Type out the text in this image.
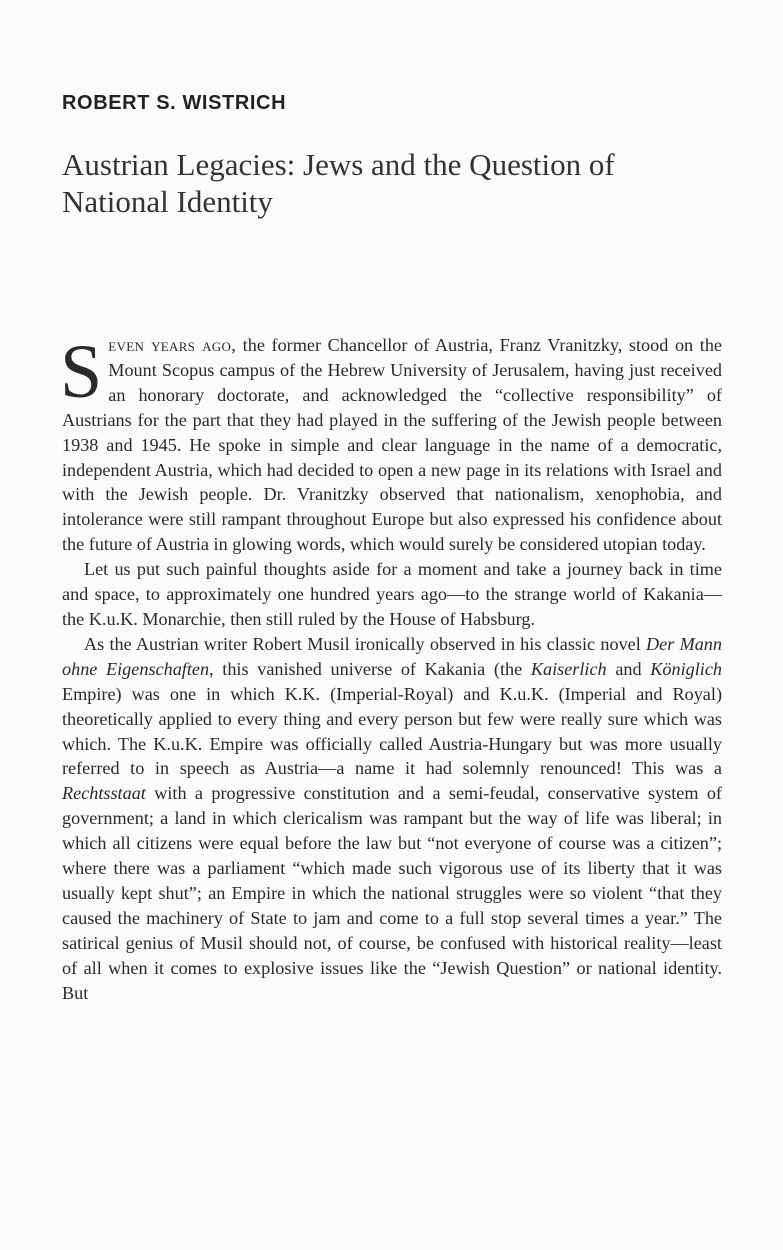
ROBERT S. WISTRICH
Austrian Legacies: Jews and the Question of National Identity

Seven years ago, the former Chancellor of Austria, Franz Vranitzky, stood on the Mount Scopus campus of the Hebrew University of Jerusalem, having just received an honorary doctorate, and acknowledged the “collective responsibility” of Austrians for the part that they had played in the suffering of the Jewish people between 1938 and 1945. He spoke in simple and clear language in the name of a democratic, independent Austria, which had decided to open a new page in its relations with Israel and with the Jewish people. Dr. Vranitzky observed that nationalism, xenophobia, and intolerance were still rampant throughout Europe but also expressed his confidence about the future of Austria in glowing words, which would surely be considered utopian today.

Let us put such painful thoughts aside for a moment and take a journey back in time and space, to approximately one hundred years ago—to the strange world of Kakania—the K.u.K. Monarchie, then still ruled by the House of Habsburg.

As the Austrian writer Robert Musil ironically observed in his classic novel Der Mann ohne Eigenschaften, this vanished universe of Kakania (the Kaiserlich and Königlich Empire) was one in which K.K. (Imperial-Royal) and K.u.K. (Imperial and Royal) theoretically applied to every thing and every person but few were really sure which was which. The K.u.K. Empire was officially called Austria-Hungary but was more usually referred to in speech as Austria—a name it had solemnly renounced! This was a Rechtsstaat with a progressive constitution and a semi-feudal, conservative system of government; a land in which clericalism was rampant but the way of life was liberal; in which all citizens were equal before the law but “not everyone of course was a citizen”; where there was a parliament “which made such vigorous use of its liberty that it was usually kept shut”; an Empire in which the national struggles were so violent “that they caused the machinery of State to jam and come to a full stop several times a year.” The satirical genius of Musil should not, of course, be confused with historical reality—least of all when it comes to explosive issues like the “Jewish Question” or national identity. But
